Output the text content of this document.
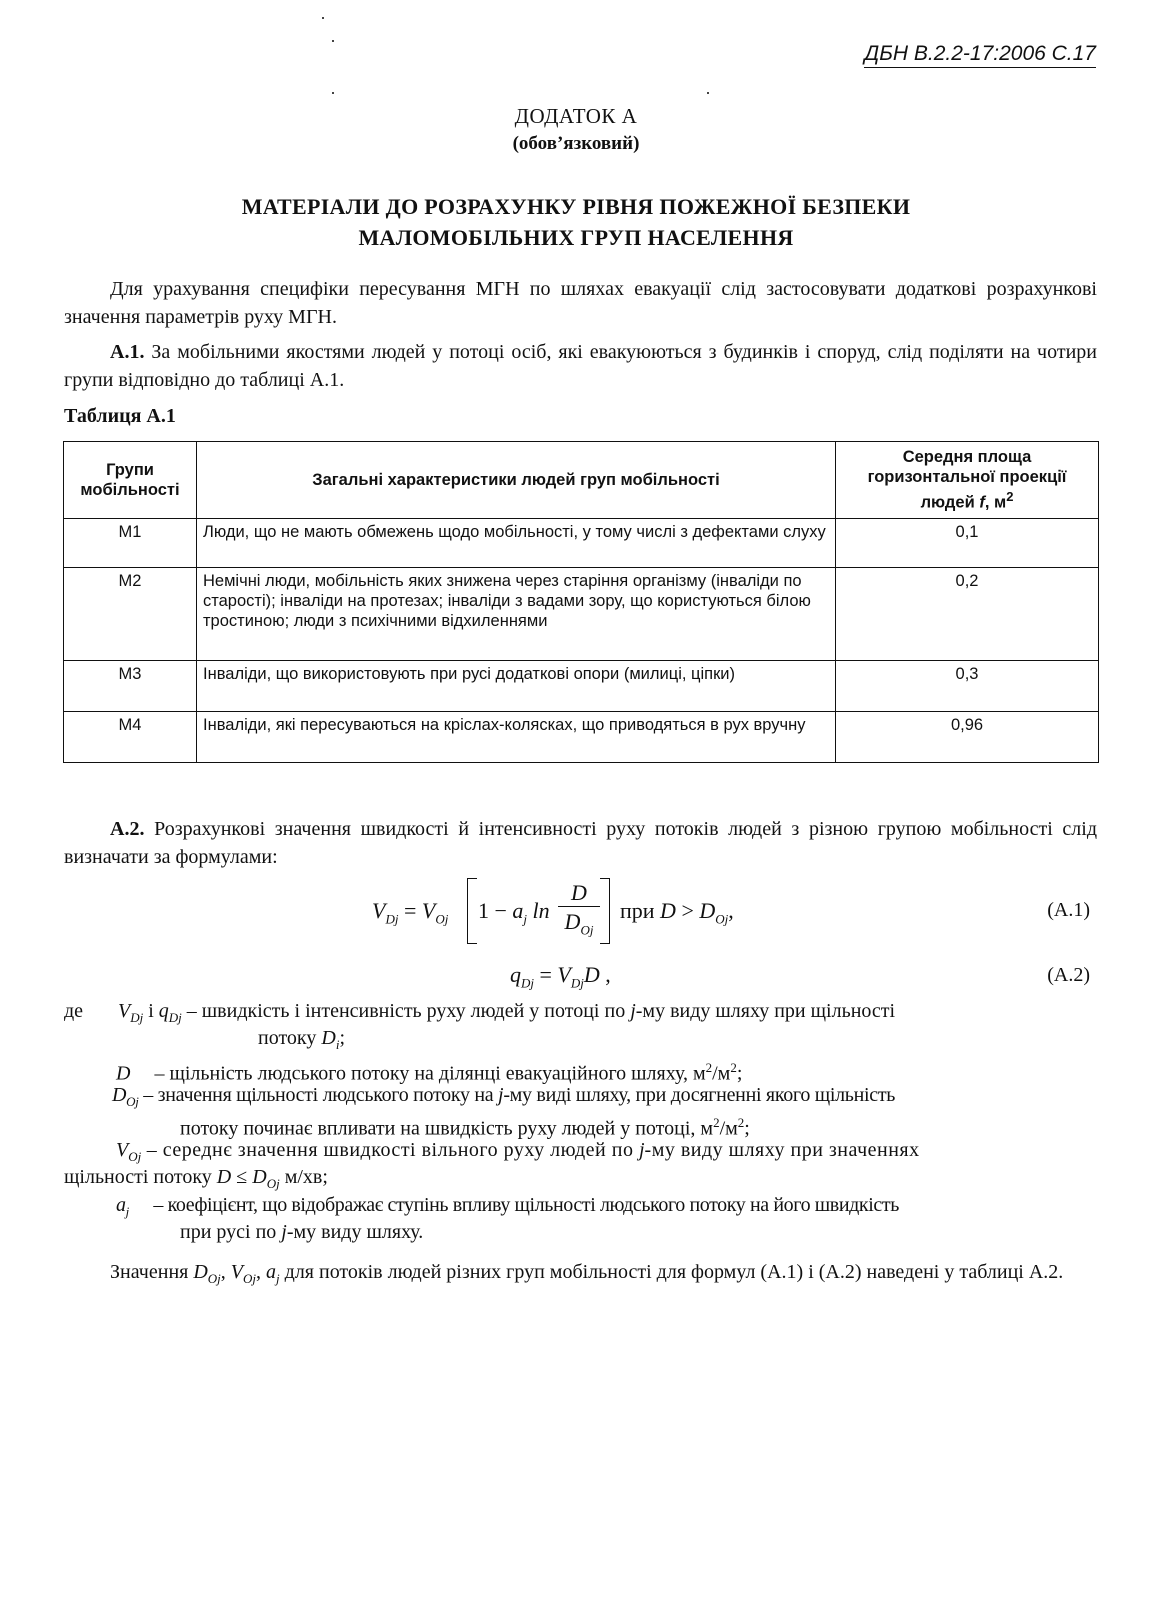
ДБН В.2.2-17:2006 С.17
ДОДАТОК А
(обов’язковий)
МАТЕРІАЛИ ДО РОЗРАХУНКУ РІВНЯ ПОЖЕЖНОЇ БЕЗПЕКИ
МАЛОМОБІЛЬНИХ ГРУП НАСЕЛЕННЯ

Для урахування специфіки пересування МГН по шляхах евакуації слід застосовувати додаткові розрахункові значення параметрів руху МГН.

А.1. За мобільними якостями людей у потоці осіб, які евакуюються з будинків і споруд, слід поділяти на чотири групи відповідно до таблиці А.1.

Таблиця А.1
Групи мобільності	Загальні характеристики людей груп мобільності	Середня площа горизонтальної проекції людей f, $м^2$
М1	Люди, що не мають обмежень щодо мобільності, у тому числі з дефектами слуху	0,1
М2	Немічні люди, мобільність яких знижена через старіння організму (інваліди по старості); інваліди на протезах; інваліди з вадами зору, що користуються білою тростиною; люди з психічними відхиленнями	0,2
М3	Інваліди, що використовують при русі додаткові опори (милиці, ціпки)	0,3
М4	Інваліди, які пересуваються на кріслах-колясках, що приводяться в рух вручну	0,96

А.2. Розрахункові значення швидкості й інтенсивності руху потоків людей з різною групою мобільності слід визначати за формулами:

$V_{Dj} = V_{Oj}$ $1 - a_j$ ln
D
$D_{Oj}$
при $D > D_{Oj}$,	(А.1)
$q_{Dj} = V_{Dj}D$ ,	(А.2)
де $V_{Dj}$ і $q_{Dj}$ – швидкість і інтенсивність руху людей у потоці по j-му виду шляху при щільності
потоку $D_i$;
D – щільність людського потоку на ділянці евакуаційного шляху, $м^2/м^2$;
$D_{Oj}$ – значення щільності людського потоку на j-му виді шляху, при досягненні якого щільність
потоку починає впливати на швидкість руху людей у потоці, $м^2/м^2$;
$V_{Oj}$ – середнє значення швидкості вільного руху людей по j-му виду шляху при значеннях
щільності потоку $D \le D_{Oj}$ м/хв;
$a_j$ – коефіцієнт, що відображає ступінь впливу щільності людського потоку на його швидкість
при русі по j-му виду шляху.

Значення $D_{Oj}$, $V_{Oj}$, $a_j$ для потоків людей різних груп мобільності для формул (А.1) і (А.2) наведені у таблиці А.2.
